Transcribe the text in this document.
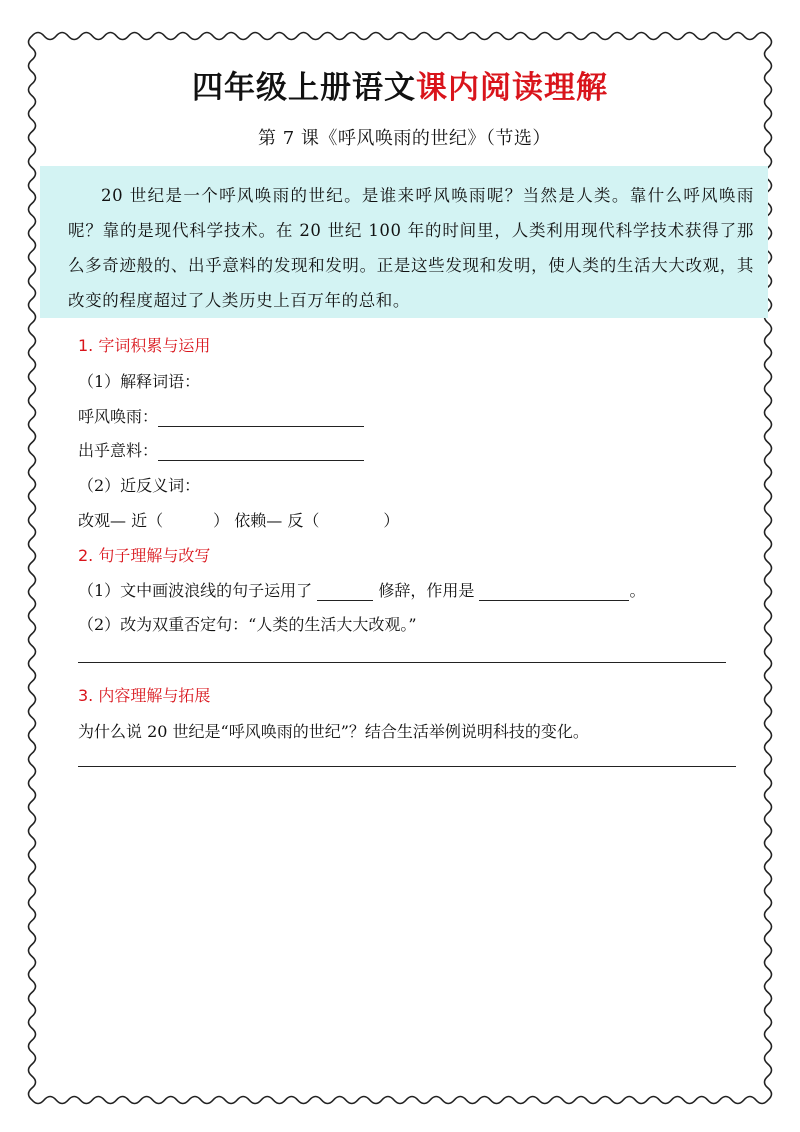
四年级上册语文课内阅读理解
第 7 课《呼风唤雨的世纪》（节选）

20 世纪是一个呼风唤雨的世纪。是谁来呼风唤雨呢？当然是人类。靠什么呼风唤雨呢？靠的是现代科学技术。在 20 世纪 100 年的时间里，人类利用现代科学技术获得了那么多奇迹般的、出乎意料的发现和发明。正是这些发现和发明，使人类的生活大大改观，其改变的程度超过了人类历史上百万年的总和。

1. 字词积累与运用
（1）解释词语：
呼风唤雨：
出乎意料：
（2）近反义词：
改观— 近（	） 依赖— 反（	）
2. 句子理解与改写
（1）文中画波浪线的句子运用了	修辞，作用是	。
（2）改为双重否定句：“人类的生活大大改观。”
3. 内容理解与拓展
为什么说 20 世纪是“呼风唤雨的世纪”？结合生活举例说明科技的变化。
